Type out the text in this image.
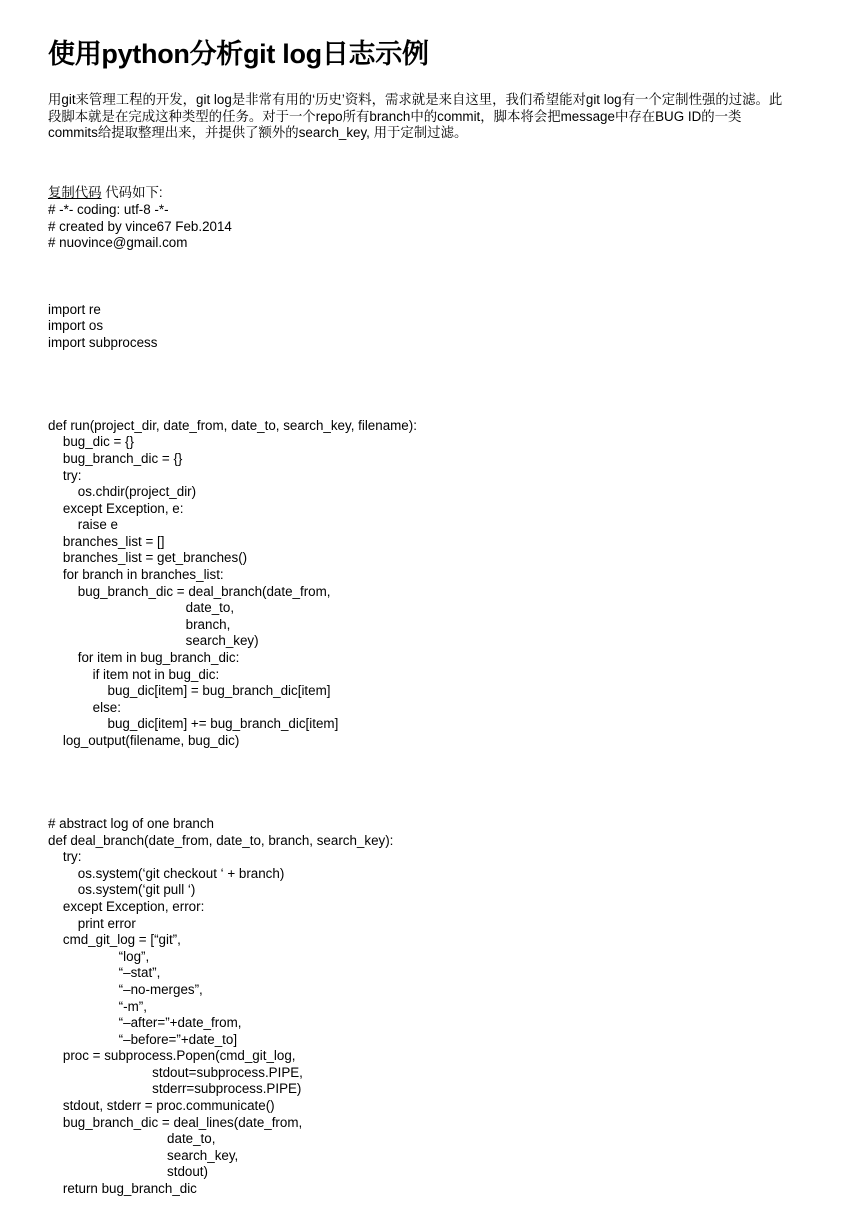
使用python分析git log日志示例
用git来管理工程的开发，git log是非常有用的‘历史’资料，需求就是来自这里，我们希望能对git log有一个定制性强的过滤。此
段脚本就是在完成这种类型的任务。对于一个repo所有branch中的commit，脚本将会把message中存在BUG ID的一类
commits给提取整理出来，并提供了额外的search_key, 用于定制过滤。
复制代码 代码如下:
# -*- coding: utf-8 -*-
# created by vince67 Feb.2014
# nuovince@gmail.com
import re
import os
import subprocess
def run(project_dir, date_from, date_to, search_key, filename):
bug_dic = {}
bug_branch_dic = {}
try:
os.chdir(project_dir)
except Exception, e:
raise e
branches_list = []
branches_list = get_branches()
for branch in branches_list:
bug_branch_dic = deal_branch(date_from,
date_to,
branch,
search_key)
for item in bug_branch_dic:
if item not in bug_dic:
bug_dic[item] = bug_branch_dic[item]
else:
bug_dic[item] += bug_branch_dic[item]
log_output(filename, bug_dic)
# abstract log of one branch
def deal_branch(date_from, date_to, branch, search_key):
try:
os.system(‘git checkout ‘ + branch)
os.system(‘git pull ‘)
except Exception, error:
print error
cmd_git_log = [“git”,
“log”,
“–stat”,
“–no-merges”,
“-m”,
“–after=”+date_from,
“–before=”+date_to]
proc = subprocess.Popen(cmd_git_log,
stdout=subprocess.PIPE,
stderr=subprocess.PIPE)
stdout, stderr = proc.communicate()
bug_branch_dic = deal_lines(date_from,
date_to,
search_key,
stdout)
return bug_branch_dic
